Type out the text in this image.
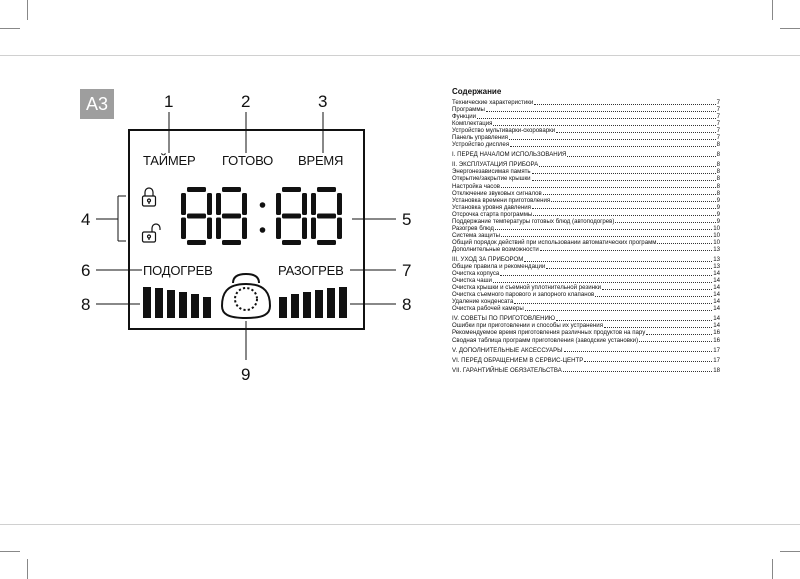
A3	1	2	3
4	5
6	7
8	8
9
ТАЙМЕР ГОТОВО ВРЕМЯ
ПОДОГРЕВ	РАЗОГРЕВ
Содержание
Технические характеристики	7
Программы	7
Функции	7
Комплектация	7
Устройство мультиварки-скороварки	7
Панель управления	7
Устройство дисплея	8
I. ПЕРЕД НАЧАЛОМ ИСПОЛЬЗОВАНИЯ	8
II. ЭКСПЛУАТАЦИЯ ПРИБОРА	8
Энергонезависимая память	8
Открытие/закрытие крышки	8
Настройка часов	8
Отключение звуковых сигналов	8
Установка времени приготовления	9
Установка уровня давления	9
Отсрочка старта программы	9
Поддержание температуры готовых блюд (автоподогрев)	9
Разогрев блюд	10
Система защиты	10
Общий порядок действий при использовании автоматических программ	10
Дополнительные возможности	13
III. УХОД ЗА ПРИБОРОМ	13
Общие правила и рекомендации	13
Очистка корпуса	14
Очистка чаши	14
Очистка крышки и съемной уплотнительной резинки	14
Очистка съемного парового и запорного клапанов	14
Удаление конденсата	14
Очистка рабочей камеры	14
IV. СОВЕТЫ ПО ПРИГОТОВЛЕНИЮ	14
Ошибки при приготовлении и способы их устранения	14
Рекомендуемое время приготовления различных продуктов на пару	16
Сводная таблица программ приготовления (заводские установки)	16
V. ДОПОЛНИТЕЛЬНЫЕ АКСЕССУАРЫ	17
VI. ПЕРЕД ОБРАЩЕНИЕМ В СЕРВИС-ЦЕНТР	17
VII. ГАРАНТИЙНЫЕ ОБЯЗАТЕЛЬСТВА	18
